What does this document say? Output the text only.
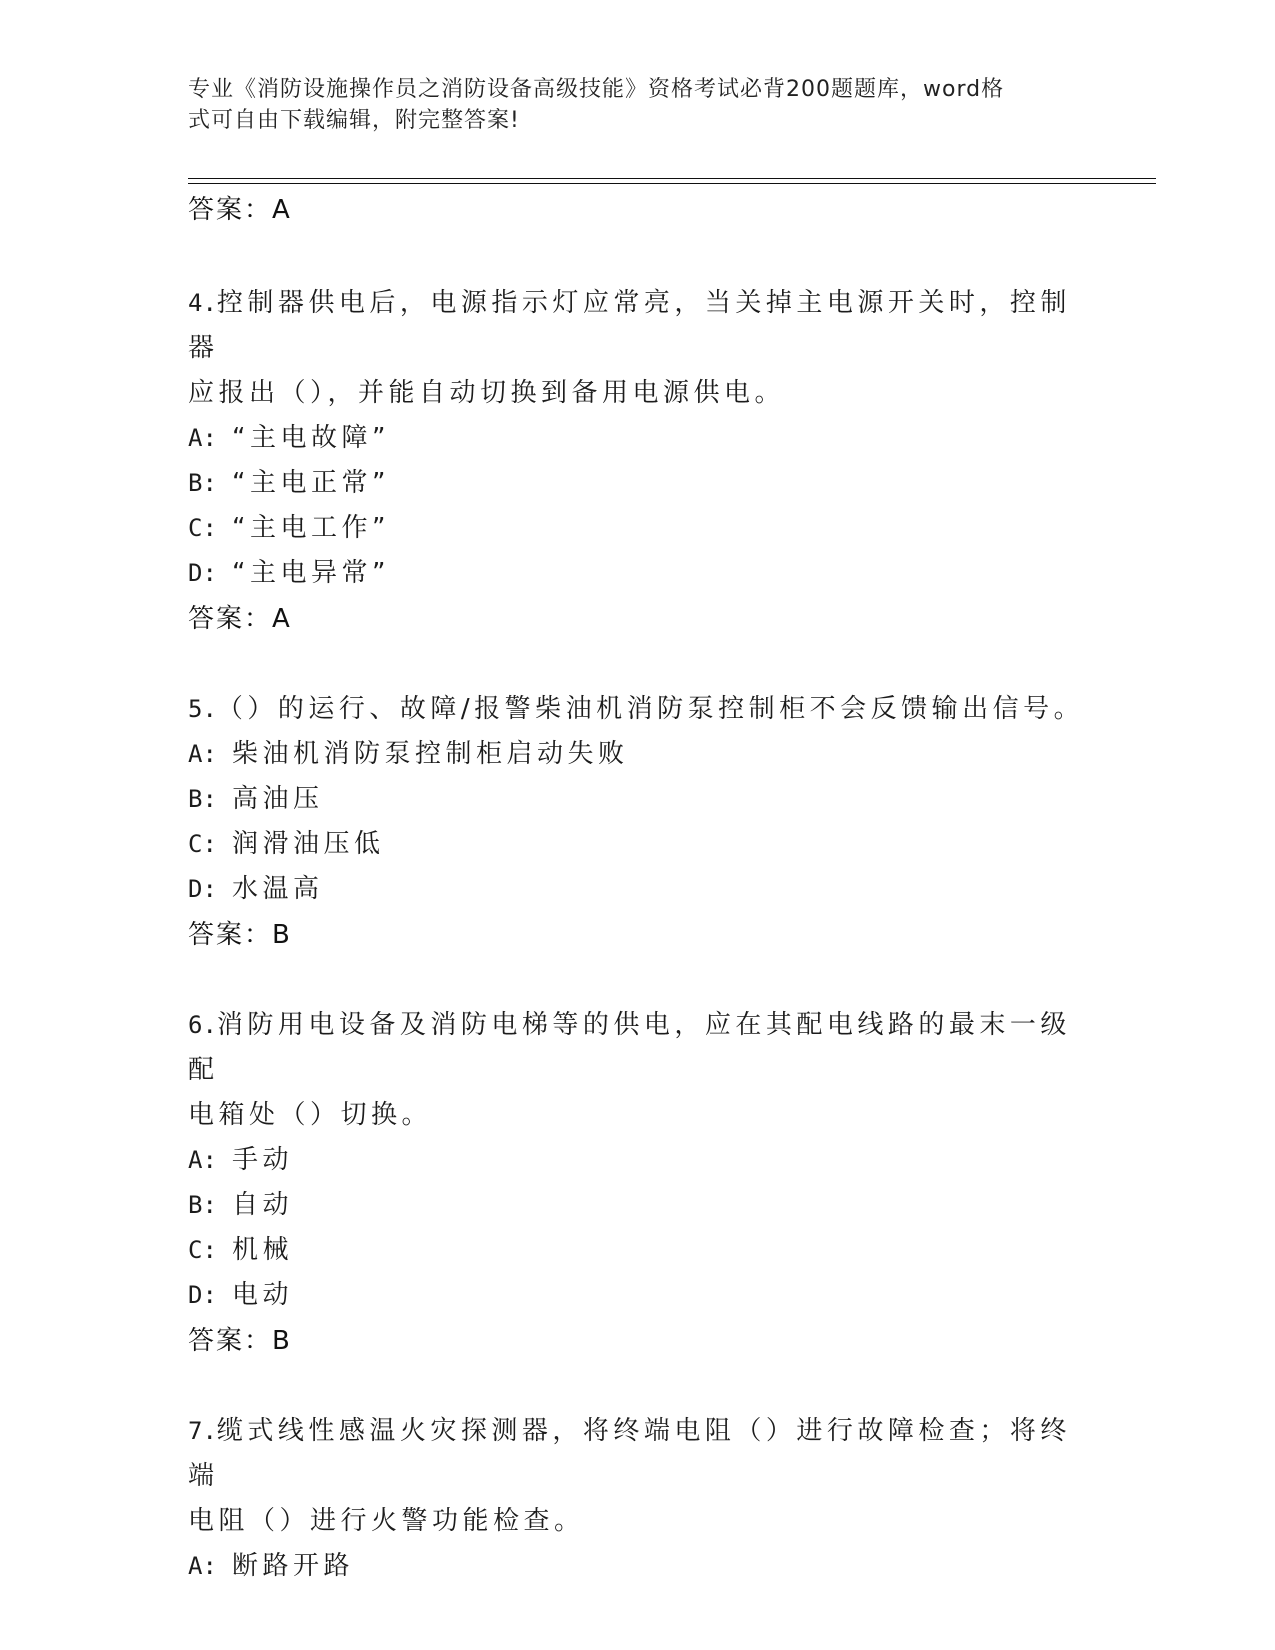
专业《消防设施操作员之消防设备高级技能》资格考试必背200题题库，word格
式可自由下载编辑，附完整答案!
答案：A
4.控制器供电后，电源指示灯应常亮，当关掉主电源开关时，控制器
应报出（），并能自动切换到备用电源供电。
A: “主电故障”
B: “主电正常”
C: “主电工作”
D: “主电异常”
答案：A
5.（）的运行、故障/报警柴油机消防泵控制柜不会反馈输出信号。
A: 柴油机消防泵控制柜启动失败
B: 高油压
C: 润滑油压低
D: 水温高
答案：B
6.消防用电设备及消防电梯等的供电，应在其配电线路的最末一级配
电箱处（）切换。
A: 手动
B: 自动
C: 机械
D: 电动
答案：B
7.缆式线性感温火灾探测器，将终端电阻（）进行故障检查；将终端
电阻（）进行火警功能检查。
A: 断路开路
